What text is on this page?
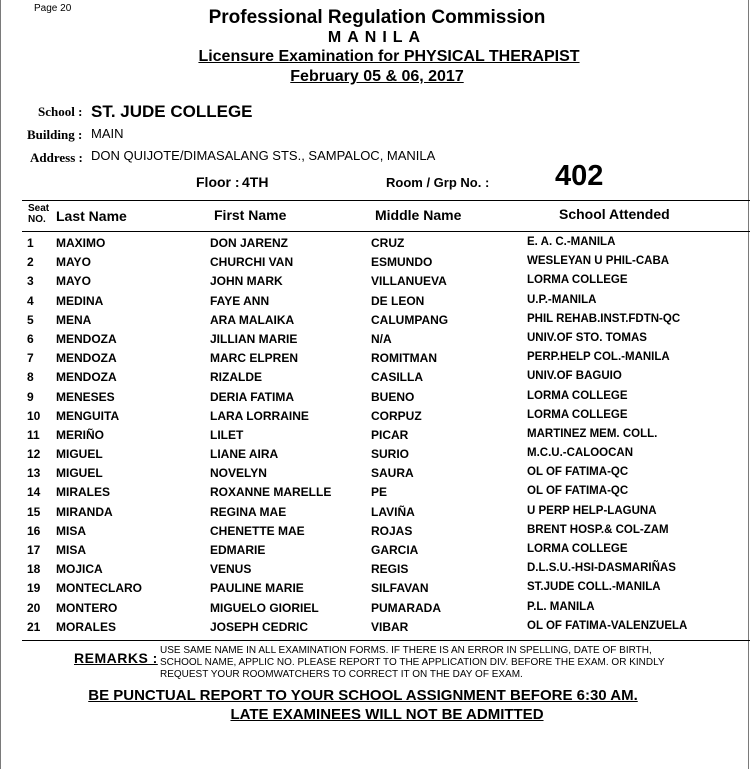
Page 20	Professional Regulation Commission
MANILA
Licensure Examination for PHYSICAL THERAPIST
February 05 & 06, 2017
School : ST. JUDE COLLEGE
Building : MAIN
Address : DON QUIJOTE/DIMASALANG STS., SAMPALOC, MANILA
Floor : 4TH	Room / Grp No. : 402
Seat
NO. Last Name	First Name	Middle Name	School Attended
1 MAXIMO	DON JARENZ	CRUZ	E. A. C.-MANILA
2 MAYO	CHURCHI VAN	ESMUNDO	WESLEYAN U PHIL-CABA
3 MAYO	JOHN MARK	VILLANUEVA	LORMA COLLEGE
4 MEDINA	FAYE ANN	DE LEON	U.P.-MANILA
5 MENA	ARA MALAIKA	CALUMPANG	PHIL REHAB.INST.FDTN-QC
6 MENDOZA	JILLIAN MARIE	N/A	UNIV.OF STO. TOMAS
7 MENDOZA	MARC ELPREN	ROMITMAN	PERP.HELP COL.-MANILA
8 MENDOZA	RIZALDE	CASILLA	UNIV.OF BAGUIO
9 MENESES	DERIA FATIMA	BUENO	LORMA COLLEGE
10 MENGUITA	LARA LORRAINE	CORPUZ	LORMA COLLEGE
11 MERIÑO	LILET	PICAR	MARTINEZ MEM. COLL.
12 MIGUEL	LIANE AIRA	SURIO	M.C.U.-CALOOCAN
13 MIGUEL	NOVELYN	SAURA	OL OF FATIMA-QC
14 MIRALES	ROXANNE MARELLE	PE	OL OF FATIMA-QC
15 MIRANDA	REGINA MAE	LAVIÑA	U PERP HELP-LAGUNA
16 MISA	CHENETTE MAE	ROJAS	BRENT HOSP.& COL-ZAM
17 MISA	EDMARIE	GARCIA	LORMA COLLEGE
18 MOJICA	VENUS	REGIS	D.L.S.U.-HSI-DASMARIÑAS
19 MONTECLARO	PAULINE MARIE	SILFAVAN	ST.JUDE COLL.-MANILA
20 MONTERO	MIGUELO GIORIEL	PUMARADA	P.L. MANILA
21 MORALES	JOSEPH CEDRIC	VIBAR	OL OF FATIMA-VALENZUELA
REMARKS : USE SAME NAME IN ALL EXAMINATION FORMS. IF THERE IS AN ERROR IN SPELLING, DATE OF BIRTH, SCHOOL NAME, APPLIC NO. PLEASE REPORT TO THE APPLICATION DIV. BEFORE THE EXAM. OR KINDLY REQUEST YOUR ROOMWATCHERS TO CORRECT IT ON THE DAY OF EXAM.
BE PUNCTUAL REPORT TO YOUR SCHOOL ASSIGNMENT BEFORE 6:30 AM.
LATE EXAMINEES WILL NOT BE ADMITTED
